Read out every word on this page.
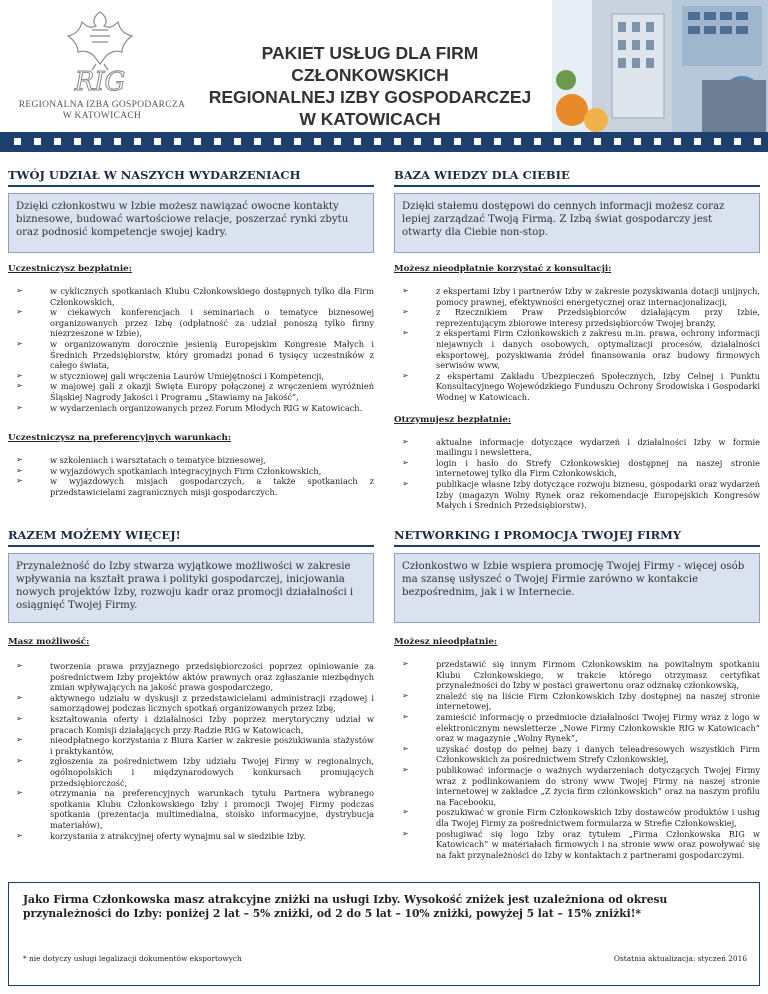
RIG
REGIONALNA IZBA GOSPODARCZA
W KATOWICACH
PAKIET USŁUG DLA FIRM CZŁONKOWSKICH
REGIONALNEJ IZBY GOSPODARCZEJ
W KATOWICACH
TWÓJ UDZIAŁ W NASZYCH WYDARZENIACH
Dzięki członkostwu w Izbie możesz nawiązać owocne kontakty biznesowe, budować wartościowe relacje, poszerzać rynki zbytu oraz podnosić kompetencje swojej kadry.
Uczestniczysz bezpłatnie:
➢	w cyklicznych spotkaniach Klubu Członkowskiego dostępnych tylko dla Firm Członkowskich,
➢	w ciekawych konferencjach i seminariach o tematyce biznesowej organizowanych przez Izbę (odpłatność za udział ponoszą tylko firmy niezrzeszone w Izbie),
➢	w organizowanym dorocznie jesienią Europejskim Kongresie Małych i Średnich Przedsiębiorstw, który gromadzi ponad 6 tysięcy uczestników z całego świata,
➢	w styczniowej gali wręczenia Laurów Umiejętności i Kompetencji,
➢	w majowej gali z okazji Święta Europy połączonej z wręczeniem wyróżnień Śląskiej Nagrody Jakości i Programu „Stawiamy na Jakość”,
➢	w wydarzeniach organizowanych przez Forum Młodych RIG w Katowicach.
Uczestniczysz na preferencyjnych warunkach:
➢	w szkoleniach i warsztatach o tematyce biznesowej,
➢	w wyjazdowych spotkaniach integracyjnych Firm Członkowskich,
➢	w wyjazdowych misjach gospodarczych, a także spotkaniach z przedstawicielami zagranicznych misji gospodarczych.
BAZA WIEDZY DLA CIEBIE
Dzięki stałemu dostępowi do cennych informacji możesz coraz lepiej zarządzać Twoją Firmą. Z Izbą świat gospodarczy jest otwarty dla Ciebie non-stop.
Możesz nieodpłatnie korzystać z konsultacji:
➢	z ekspertami Izby i partnerów Izby w zakresie pozyskiwania dotacji unijnych, pomocy prawnej, efektywności energetycznej oraz internacjonalizacji,
➢	z Rzecznikiem Praw Przedsiębiorców działającym przy Izbie, reprezentującym zbiorowe interesy przedsiębiorców Twojej branży,
➢	z ekspertami Firm Członkowskich z zakresu m.in. prawa, ochrony informacji niejawnych i danych osobowych, optymalizacji procesów, działalności eksportowej, pozyskiwania źródeł finansowania oraz budowy firmowych serwisów www,
➢	z ekspertami Zakładu Ubezpieczeń Społecznych, Izby Celnej i Punktu Konsultacyjnego Wojewódzkiego Funduszu Ochrony Środowiska i Gospodarki Wodnej w Katowicach.
Otrzymujesz bezpłatnie:
➢	aktualne informacje dotyczące wydarzeń i działalności Izby w formie mailingu i newslettera,
➢	login i hasło do Strefy Członkowskiej dostępnej na naszej stronie internetowej tylko dla Firm Członkowskich,
➢	publikacje własne Izby dotyczące rozwoju biznesu, gospodarki oraz wydarzeń Izby (magazyn Wolny Rynek oraz rekomendacje Europejskich Kongresów Małych i Średnich Przedsiębiorstw).
RAZEM MOŻEMY WIĘCEJ!
Przynależność do Izby stwarza wyjątkowe możliwości w zakresie wpływania na kształt prawa i polityki gospodarczej, inicjowania nowych projektów Izby, rozwoju kadr oraz promocji działalności i osiągnięć Twojej Firmy.
Masz możliwość:
➢	tworzenia prawa przyjaznego przedsiębiorczości poprzez opiniowanie za pośrednictwem Izby projektów aktów prawnych oraz zgłaszanie niezbędnych zmian wpływających na jakość prawa gospodarczego,
➢	aktywnego udziału w dyskusji z przedstawicielami administracji rządowej i samorządowej podczas licznych spotkań organizowanych przez Izbę,
➢	kształtowania oferty i działalności Izby poprzez merytoryczny udział w pracach Komisji działających przy Radzie RIG w Katowicach,
➢	nieodpłatnego korzystania z Biura Karier w zakresie poszukiwania stażystów i praktykantów,
➢	zgłoszenia za pośrednictwem Izby udziału Twojej Firmy w regionalnych, ogólnopolskich i międzynarodowych konkursach promujących przedsiębiorczość,
➢	otrzymania na preferencyjnych warunkach tytułu Partnera wybranego spotkania Klubu Członkowskiego Izby i promocji Twojej Firmy podczas spotkania (prezentacja multimedialna, stoisko informacyjne, dystrybucja materiałów),
➢	korzystania z atrakcyjnej oferty wynajmu sal w siedzibie Izby.
NETWORKING I PROMOCJA TWOJEJ FIRMY
Członkostwo w Izbie wspiera promocję Twojej Firmy - więcej osób ma szansę usłyszeć o Twojej Firmie zarówno w kontakcie bezpośrednim, jak i w Internecie.
Możesz nieodpłatnie:
➢	przedstawić się innym Firmom Członkowskim na powitalnym spotkaniu Klubu Członkowskiego, w trakcie którego otrzymasz certyfikat przynależności do Izby w postaci grawertonu oraz odznakę członkowską,
➢	znaleźć się na liście Firm Członkowskich Izby dostępnej na naszej stronie internetowej,
➢	zamieścić informację o przedmiocie działalności Twojej Firmy wraz z logo w elektronicznym newsletterze „Nowe Firmy Członkowskie RIG w Katowicach” oraz w magazynie „Wolny Rynek”,
➢	uzyskać dostęp do pełnej bazy i danych teleadresowych wszystkich Firm Członkowskich za pośrednictwem Strefy Członkowskiej,
➢	publikować informacje o ważnych wydarzeniach dotyczących Twojej Firmy wraz z podlinkowaniem do strony www Twojej Firmy na naszej stronie internetowej w zakładce „Z życia firm członkowskich” oraz na naszym profilu na Facebooku,
➢	poszukiwać w gronie Firm Członkowskich Izby dostawców produktów i usług dla Twojej Firmy za pośrednictwem formularza w Strefie Członkowskiej,
➢	posługiwać się logo Izby oraz tytułem „Firma Członkowska RIG w Katowicach” w materiałach firmowych i na stronie www oraz powoływać się na fakt przynależności do Izby w kontaktach z partnerami gospodarczymi.
Jako Firma Członkowska masz atrakcyjne zniżki na usługi Izby. Wysokość zniżek jest uzależniona od okresu przynależności do Izby: poniżej 2 lat – 5% zniżki, od 2 do 5 lat – 10% zniżki, powyżej 5 lat – 15% zniżki!*
* nie dotyczy usługi legalizacji dokumentów eksportowych	Ostatnia aktualizacja: styczeń 2016
